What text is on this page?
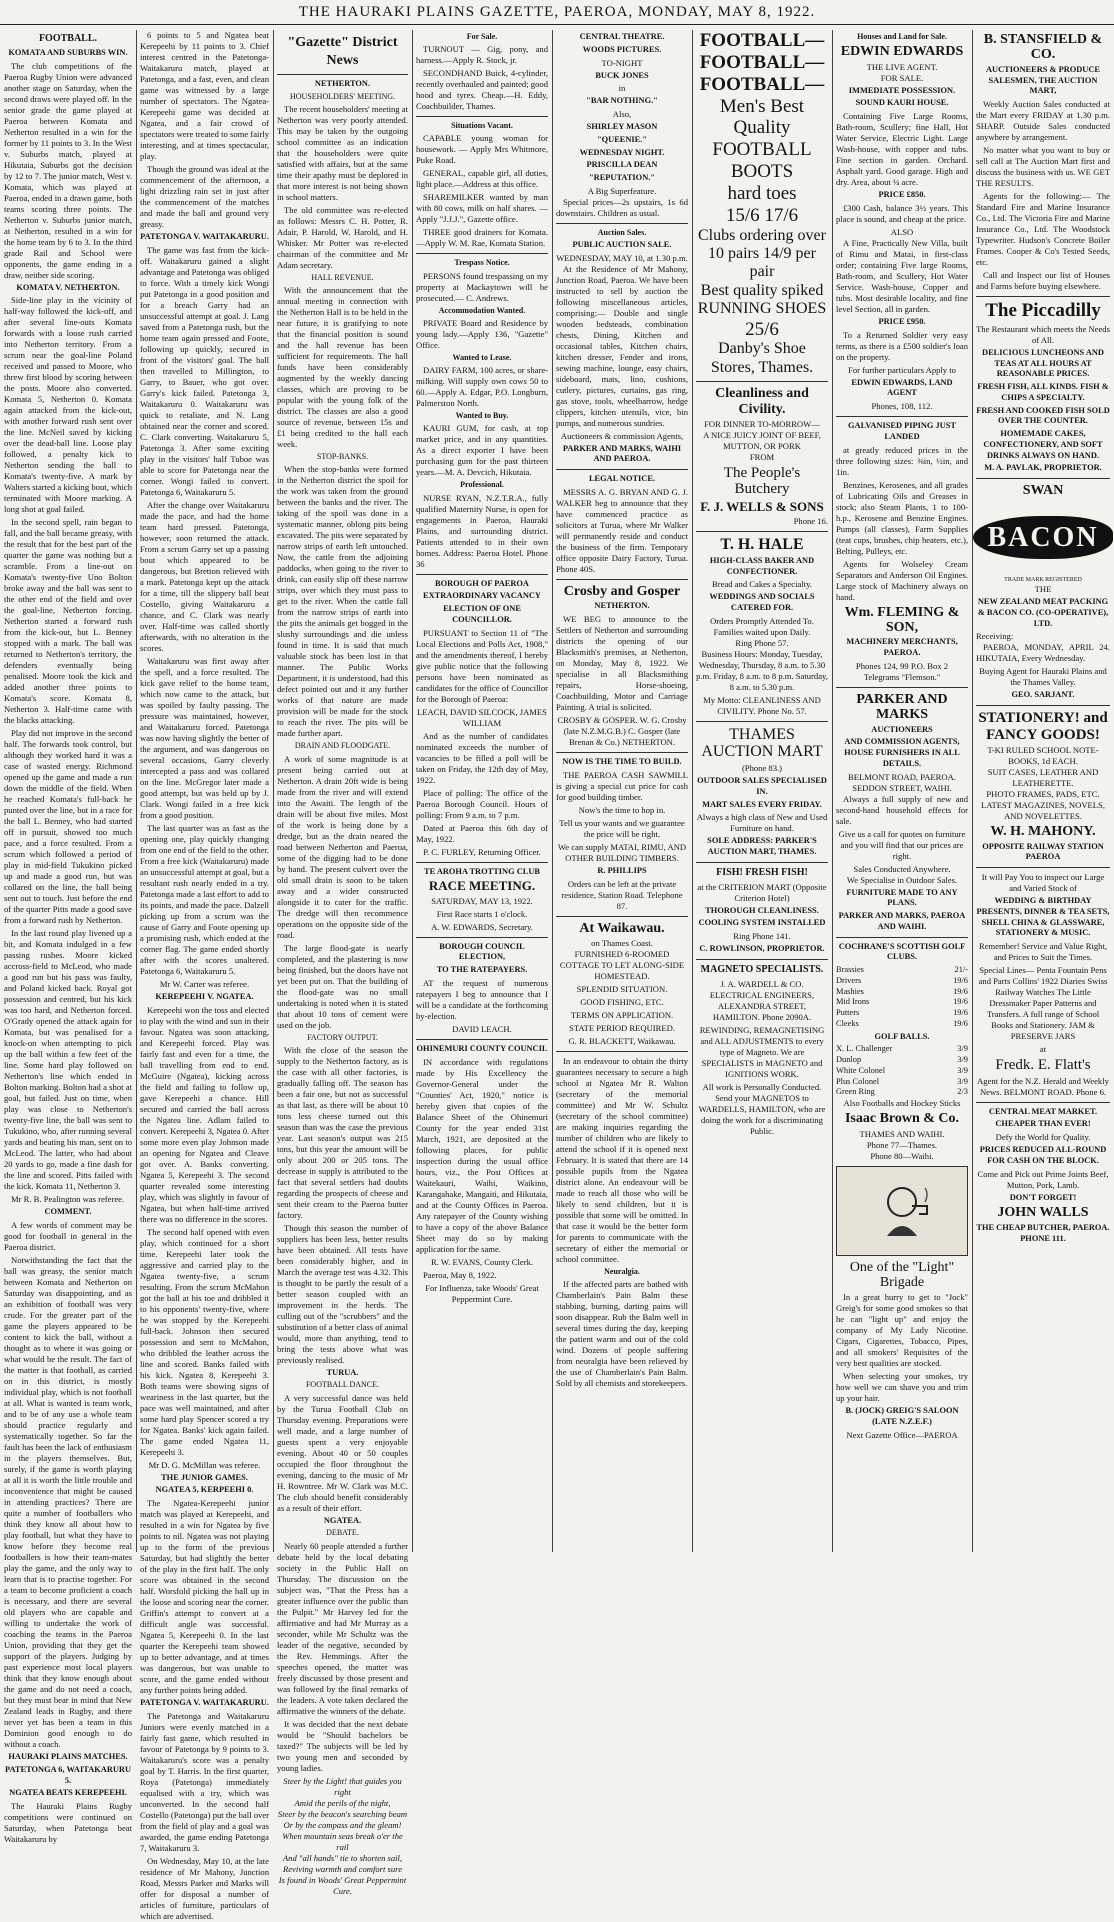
THE HAURAKI PLAINS GAZETTE, PAEROA, MONDAY, MAY 8, 1922.
FOOTBALL.
KOMATA AND SUBURBS WIN.

The club competitions of the Paeroa Rugby Union were advanced another stage on Saturday, when the second draws were played off. In the senior grade the game played at Paeroa between Komata and Netherton resulted in a win for the former by 11 points to 3. In the West v. Suburbs match, played at Hikutaia, Suburbs got the decision by 12 to 7. The junior match, West v. Komata, which was played at Paeroa, ended in a drawn game, both teams scoring three points. The Netherton v. Suburbs junior match, at Netherton, resulted in a win for the home team by 6 to 3. In the third grade Rail and School were opponents, the game ending in a draw, neither side scoring.

KOMATA V. NETHERTON.

Side-line play in the vicinity of half-way followed the kick-off, and after several line-outs Komata forwards with a loose rush carried into Netherton territory. From a scrum near the goal-line Poland received and passed to Moore, who threw first blood by scoring between the posts. Moore also converted. Komata 5, Netherton 0. Komata again attacked from the kick-out, with another forward rush sent over the line. McNeil saved by kicking over the dead-ball line. Loose play followed, a penalty kick to Netherton sending the ball to Komata's twenty-five. A mark by Walters started a kicking bout, which terminated with Moore marking. A long shot at goal failed.

In the second spell, rain began to fall, and the ball became greasy, with the result that for the best part of the quarter the game was nothing but a scramble. From a line-out on Komata's twenty-five Uno Bolton broke away and the ball was sent to the other end of the field and over the goal-line, Netherton forcing. Netherton started a forward rush from the kick-out, but L. Benney stopped with a mark. The ball was returned to Netherton's territory, the defenders eventually being penalised. Moore took the kick and added another three points to Komata's score. Komata 8, Netherton 3. Half-time came with the blacks attacking.

Play did not improve in the second half. The forwards took control, but although they worked hard it was a case of wasted energy. Richmond opened up the game and made a run down the middle of the field. When he reached Komata's full-back he punted over the line, but in a race for the ball L. Benney, who had started off in pursuit, showed too much pace, and a force resulted. From a scrum which followed a period of play in mid-field Tukukino picked up and made a good run, but was collared on the line, the ball being sent out to touch. Just before the end of the quarter Pitts made a good save from a forward rush by Netherton.

In the last round play livened up a bit, and Komata indulged in a few passing rushes. Moore kicked accross-field to McLeod, who made a good run but his pass was faulty, and Poland kicked back. Royal got possession and centred, but his kick was too hard, and Netherton forced. O'Grady opened the attack again for Komata, but was penalised for a knock-on when attempting to pick up the ball within a few feet of the line. Some hard play followed on Netherton's line which ended in Bolton marking. Bolton had a shot at goal, but failed. Just on time, when play was close to Netherton's twenty-five line, the ball was sent to Tukukino, who, after running several yards and beating his man, sent on to McLeod. The latter, who had about 20 yards to go, made a fine dash for the line and scored. Pitts failed with the kick. Komata 11, Netherton 3.

Mr R. B. Pealington was referee.

COMMENT.

A few words of comment may be good for football in general in the Paeroa district.

Notwithstanding the fact that the ball was greasy, the senior match between Komata and Netherton on Saturday was disappointing, and as an exhibition of football was very crude. For the greater part of the game the players appeared to be content to kick the ball, without a thought as to where it was going or what would be the result. The fact of the matter is that football, as carried on in this district, is mostly individual play, which is not football at all. What is wanted is team work, and to be of any use a whole team should practice regularly and systematically together. So far the fault has been the lack of enthusiasm in the players themselves. But, surely, if the game is worth playing at all it is worth the little trouble and inconvenience that might be caused in attending practices? There are quite a number of footballers who think they know all about how to play football, but what they have to know before they become real footballers is how their team-mates play the game, and the only way to learn that is to practise together. For a team to become proficient a coach is necessary, and there are several old players who are capable and willing to undertake the work of coaching the teams in the Paeroa Union, providing that they get the support of the players. Judging by past experience most local players think that they know enough about the game and do not need a coach, but they must bear in mind that New Zealand leads in Rugby, and there never yet has been a team in this Dominion good enough to do without a coach.

HAURAKI PLAINS MATCHES.
PATETONGA 6, WAITAKARURU 5.
NGATEA BEATS KEREPEEHI.

The Hauraki Plains Rugby competitions were continued on Saturday, when Patetonga beat Waitakaruru by

6 points to 5 and Ngatea beat Kerepeehi by 11 points to 3. Chief interest centred in the Patetonga-Waitakaruru match, played at Patetonga, and a fast, even, and clean game was witnessed by a large number of spectators. The Ngatea-Kerepeehi game was decided at Ngatea, and a fair crowd of spectators were treated to some fairly interesting, and at times spectacular, play.

Though the ground was ideal at the commencement of the afternoon, a light drizzling rain set in just after the commencement of the matches and made the ball and ground very greasy.

PATETONGA V. WAITAKARURU.

The game was fast from the kick-off. Waitakaruru gained a slight advantage and Patetonga was obliged to force. With a timely kick Wongi put Patetonga in a good position and for a breach Garry had an unsuccessful attempt at goal. J. Lang saved from a Patetonga rush, but the home team again pressed and Foote, following up quickly, secured in front of the visitors' goal. The ball then travelled to Millington, to Garry, to Bauer, who got over. Garry's kick failed. Patetonga 3, Waitakaruru 0. Waitakaruru was quick to retaliate, and N. Lang obtained near the corner and scored. C. Clark converting. Waitakaruru 5, Patetonga 3. After some exciting play in the visitors' half Tuboe was able to score for Patetonga near the corner. Wongi failed to convert. Patetonga 6, Waitakaruru 5.

After the change over Waitakaruru made the pace, and had the home team hard pressed. Patetonga, however, soon returned the attack. From a scrum Garry set up a passing bout which appeared to be dangerous, but Bretton relieved with a mark. Patetonga kept up the attack for a time, till the slippery ball beat Costello, giving Waitakaruru a chance, and C. Clark was nearly over. Half-time was called shortly afterwards, with no alteration in the scores.

Waitakaruru was first away after the spell, and a force resulted. The kick gave relief to the home team, which now came to the attack, but was spoiled by faulty passing. The pressure was maintained, however, and Waitakaruru forced. Patetonga was now having slightly the better of the argument, and was dangerous on several occasions, Garry cleverly intercepted a pass and was collared on the line. McGregor later made a good attempt, but was held up by J. Clark. Wongi failed in a free kick from a good position.

The last quarter was as fast as the opening one, play quickly changing from one end of the field to the other. From a free kick (Waitakaruru) made an unsuccessful attempt at goal, but a resultant rush nearly ended in a try. Patetonga made a last effort to add to its points, and made the pace. Dalzell picking up from a scrum was the cause of Garry and Foote opening up a promising rush, which ended at the corner flag. The game ended shortly after with the scores unaltered. Patetonga 6, Waitakaruru 5.

Mr W. Carter was referee.

KEREPEEHI V. NGATEA.

Kerepeehi won the toss and elected to play with the wind and sun in their favour. Ngatea was soon attacking, and Kerepeehi forced. Play was fairly fast and even for a time, the ball travelling from end to end. McGuire (Ngatea), kicking across the field and failing to follow up, gave Kerepeehi a chance. Hill secured and carried the ball across the Ngatea line. Adlam failed to convert. Kerepeehi 3, Ngatea 0. After some more even play Johnson made an opening for Ngatea and Cleave got over. A. Banks converting. Ngatea 5, Kerepeehi 3. The second quarter revealed some interesting play, which was slightly in favour of Ngatea, but when half-time arrived there was no difference in the scores.

The second half opened with even play, which continued for a short time. Kerepeehi later took the aggressive and carried play to the Ngatea twenty-five, a scrum resulting. From the scrum McMahon got the ball at his toe and dribbled it to his opponents' twenty-five, where he was stopped by the Kerepeehi full-back. Johnson then secured possession and sent to McMahon, who dribbled the leather across the line and scored. Banks failed with his kick. Ngatea 8, Kerepeehi 3. Both teams were showing signs of weariness in the last quarter, but the pace was well maintained, and after some hard play Spencer scored a try for Ngatea. Banks' kick again failed. The game ended Ngatea 11, Kerepeehi 3.

Mr D. G. McMillan was referee.

THE JUNIOR GAMES.
NGATEA 5, KERPEEHI 0.

The Ngatea-Kerepeehi junior match was played at Kerepeehi, and resulted in a win for Ngatea by five points to nil. Ngatea was not playing up to the form of the previous Saturday, but had slightly the better of the play in the first half. The only score was obtained in the second half. Worsfold picking the ball up in the loose and scoring near the corner. Griffin's attempt to convert at a difficult angle was successful. Ngatea 5, Kerepeehi 0. In the last quarter the Kerepeehi team showed up to better advantage, and at times was dangerous, but was unable to score, and the game ended without any further points being added.

PATETONGA V. WAITAKARURU.

The Patetonga and Waitakaruru Juniors were evenly matched in a fairly fast game, which resulted in favour of Patetonga by 9 points to 3. Waitakaruru's score was a penalty goal by T. Harris. In the first quarter, Roya (Patetonga) immediately equalised with a try, which was unconverted. In the second half Costello (Patetonga) put the ball over from the field of play and a goal was awarded, the game ending Patetonga 7, Waitakaruru 3.

On Wednesday, May 10, at the late residence of Mr Mahony, Junction Road, Messrs Parker and Marks will offer for disposal a number of articles of furniture, particulars of which are advertised.

"Gazette" District News
NETHERTON.
HOUSEHOLDERS' MEETING.

The recent householders' meeting at Netherton was very poorly attended. This may be taken by the outgoing school committee as an indication that the householders were quite satisfied with affairs, but at the same time their apathy must be deplored in that more interest is not being shown in school matters.

The old committee was re-elected as follows: Messrs C. H. Potter, R. Adair, P. Harold, W. Harold, and H. Whisker. Mr Potter was re-elected chairman of the committee and Mr Adam secretary.

HALL REVENUE.

With the announcement that the annual meeting in connection with the Netherton Hall is to be held in the near future, it is gratifying to note that the financial position is sound and the hall revenue has been sufficient for requirements. The hall funds have been considerably augmented by the weekly dancing classes, which are proving to be popular with the young folk of the district. The classes are also a good source of revenue, between 15s and £1 being credited to the hall each week.

STOP-BANKS.

When the stop-banks were formed in the Netherton district the spoil for the work was taken from the ground between the banks and the river. The taking of the spoil was done in a systematic manner, oblong pits being excavated. The pits were separated by narrow strips of earth left untouched. Now, the cattle from the adjoining paddocks, when going to the river to drink, can easily slip off these narrow strips, over which they must pass to get to the river. When the cattle fall from the narrow strips of earth into the pits the animals get bogged in the slushy surroundings and die unless found in time. It is said that much valuable stock has been lost in that manner. The Public Works Department, it is understood, had this defect pointed out and it any further works of that nature are made provision will be made for the stock to reach the river. The pits will be made further apart.

DRAIN AND FLOODGATE.

A work of some magnitude is at present being carried out at Netherton. A drain 20ft wide is being made from the river and will extend into the Awaiti. The length of the drain will be about five miles. Most of the work is being done by a dredge, but as the drain neared the road between Netherton and Paeroa, some of the digging had to be done by hand. The present culvert over the old small drain is soon to be taken away and a wider constructed alongside it to cater for the traffic. The dredge will then recommence operations on the opposite side of the road.

The large flood-gate is nearly completed, and the plastering is now being finished, but the doors have not yet been put on. That the building of the flood-gate was no small undertaking is noted when it is stated that about 10 tons of cement were used on the job.

FACTORY OUTPUT.

With the close of the season the supply to the Netherton factory, as is the case with all other factories, is gradually falling off. The season has been a fair one, but not as successful as that last, as there will be about 10 tons less cheese turned out this season than was the case the previous year. Last season's output was 215 tons, but this year the amount will be only about 200 or 205 tons. The decrease in supply is attributed to the fact that several settlers had doubts regarding the prospects of cheese and sent their cream to the Paeroa butter factory.

Though this season the number of suppliers has been less, better results have been obtained. All tests have been considerably higher, and in March the average test was 4.32. This is thought to be partly the result of a better season coupled with an improvement in the herds. The culling out of the "scrubbers" and the substitution of a better class of animal would, more than anything, tend to bring the tests above what was previously realised.

TURUA.
FOOTBALL DANCE.

A very successful dance was held by the Turua Football Club on Thursday evening. Preparations were well made, and a large number of guests spent a very enjoyable evening. About 40 or 50 couples occupied the floor throughout the evening, dancing to the music of Mr H. Rowntree. Mr W. Clark was M.C. The club should benefit considerably as a result of their effort.

NGATEA.
DEBATE.

Nearly 60 people attended a further debate held by the local debating society in the Public Hall on Thursday. The discussion on the subject was, "That the Press has a greater influence over the public than the Pulpit." Mr Harvey led for the affirmative and had Mr Murray as a seconder, while Mr Schultz was the leader of the negative, seconded by the Rev. Hemmings. After the speeches opened, the matter was freely discussed by those present and was followed by the final remarks of the leaders. A vote taken declared the affirmative the winners of the debate.

It was decided that the next debate would be "Should bachelors be taxed?" The subjects will be led by two young men and seconded by young ladies.

Steer by the Light! that guides you right
Amid the perils of the night,
Steer by the beacon's searching beam
Or by the compass and the gleam!
When mountain seas break o'er the rail
And "all hands" tie to shorten sail,
Reviving warmth and comfort sure
Is found in Woods' Great Peppermint Cure.
For Sale.

TURNOUT — Gig, pony, and harness.—Apply R. Stock, jr.

SECONDHAND Buick, 4-cylinder, recently overhauled and painted; good hood and tyres. Cheap.—H. Eddy, Coachbuilder, Thames.

Situations Vacant.

CAPABLE young woman for housework. — Apply Mrs Whitmore, Puke Road.

GENERAL, capable girl, all duties, light place.—Address at this office.

SHAREMILKER wanted by man with 80 cows, milk on half shares. — Apply "J.J.J.", Gazette office.

THREE good drainers for Komata.—Apply W. M. Rae, Komata Station.

Trespass Notice.

PERSONS found trespassing on my property at Mackaytown will be prosecuted.— C. Andrews.

Accommodation Wanted.

PRIVATE Board and Residence by young lady.—Apply 136, "Gazette" Office.

Wanted to Lease.

DAIRY FARM, 100 acres, or share-milking. Will supply own cows 50 to 60.—Apply A. Edgar, P.O. Longburn, Palmerston North.

Wanted to Buy.

KAURI GUM, for cash, at top market price, and in any quantities. As a direct exporter I have been purchasing gum for the past thirteen years.—M. A. Devcich, Hikutaia.

Professional.

NURSE RYAN, N.Z.T.R.A., fully qualified Maternity Nurse, is open for engagements in Paeroa, Hauraki Plains, and surrounding district. Patients attended to in their own homes. Address: Paeroa Hotel. Phone 36

BOROUGH OF PAEROA
EXTRAORDINARY VACANCY
ELECTION OF ONE COUNCILLOR.

PURSUANT to Section 11 of "The Local Elections and Polls Act, 1908," and the amendments thereof, I hereby give public notice that the following persons have been nominated as candidates for the office of Councillor for the Borough of Paeroa:

LEACH, DAVID SILCOCK, JAMES WILLIAM

And as the number of candidates nominated exceeds the number of vacancies to be filled a poll will be taken on Friday, the 12th day of May, 1922.

Place of polling: The office of the Paeroa Borough Council. Hours of polling: From 9 a.m. to 7 p.m.

Dated at Paeroa this 6th day of May, 1922.

P. C. FURLEY, Returning Officer.

TE AROHA TROTTING CLUB
RACE MEETING.

SATURDAY, MAY 13, 1922.

First Race starts 1 o'clock.

A. W. EDWARDS, Secretary.

BOROUGH COUNCIL ELECTION,
TO THE RATEPAYERS.

AT the request of numerous ratepayers I beg to announce that I will be a candidate at the forthcoming by-election.

DAVID LEACH.

OHINEMURI COUNTY COUNCIL

IN accordance with regulations made by His Excellency the Governor-General under the "Counties' Act, 1920," notice is hereby given that copies of the Balance Sheet of the Ohinemuri County for the year ended 31st March, 1921, are deposited at the following places, for public inspection during the usual office hours, viz., the Post Offices at Waitekauri, Waihi, Waikino, Karangahake, Mangaiti, and Hikutaia, and at the County Offices in Paeroa. Any ratepayer of the County wishing to have a copy of the above Balance Sheet may do so by making application for the same.

R. W. EVANS, County Clerk.

Paeroa, May 8, 1922.

For Influenza, take Woods' Great Peppermint Cure.

CENTRAL THEATRE.
WOODS PICTURES.
TO-NIGHT
BUCK JONES
in
"BAR NOTHING."
Also,
SHIRLEY MASON
"QUEENIE."
WEDNESDAY NIGHT.
PRISCILLA DEAN
"REPUTATION."
A Big Superfeature.

Special prices—2s upstairs, 1s 6d downstairs. Children as usual.

Auction Sales.
PUBLIC AUCTION SALE.
WEDNESDAY, MAY 10, at 1.30 p.m.

At the Residence of Mr Mahony, Junction Road, Paeroa. We have been instructed to sell by auction the following miscellaneous articles, comprising:— Double and single wooden bedsteads, combination chests, Dining, Kitchen and occasional tables, Kitchen chairs, kitchen dresser, Fender and irons, sewing machine, lounge, easy chairs, sideboard, mats, lino, cushions, cutlery, pictures, curtains, gas ring, gas stove, tools, wheelbarrow, hedge clippers, kitchen utensils, vice, bin pumps, and numerous sundries.

Auctioneers & commission Agents,
PARKER AND MARKS, WAIHI AND PAEROA.
LEGAL NOTICE.

MESSRS A. G. BRYAN AND G. J. WALKER beg to announce that they have commenced practice as solicitors at Turua, where Mr Walker will permanently reside and conduct the business of the firm. Temporary office opposite Dairy Factory, Turua. Phone 40S.

Crosby and Gosper
NETHERTON.

WE BEG to announce to the Settlers of Netherton and surrounding districts the opening of our Blacksmith's premises, at Netherton, on Monday, May 8, 1922. We specialise in all Blacksmithing repairs, Horse-shoeing, Coachbuilding, Motor and Carriage Painting. A trial is solicited.

CROSBY & GOSPER. W. G. Crosby (late N.Z.M.G.B.) C. Gosper (late Brenan & Co.) NETHERTON.

NOW IS THE TIME TO BUILD.

THE PAEROA CASH SAWMILL is giving a special cut price for cash for good building timber.

Now's the time to hop in.

Tell us your wants and we guarantee the price will be right.

We can supply MATAI, RIMU, AND OTHER BUILDING TIMBERS.

R. PHILLIPS

Orders can be left at the private residence, Station Road. Telephone 87.

At Waikawau.
on Thames Coast.

FURNISHED 6-ROOMED COTTAGE TO LET ALONG-SIDE HOMESTEAD.

SPLENDID SITUATION.

GOOD FISHING, ETC.

TERMS ON APPLICATION.

STATE PERIOD REQUIRED.

G. R. BLACKETT, Waikawau.

In an endeavour to obtain the thirty guarantees necessary to secure a high school at Ngatea Mr R. Walton (secretary of the memorial committee) and Mr W. Schultz (secretary of the school committee) are making inquiries regarding the number of children who are likely to attend the school if it is opened next February. It is stated that there are 14 possible pupils from the Ngatea district alone. An endeavour will be made to reach all those who will be likely to send children, but it is possible that some will be omitted. In that case it would be the better form for parents to communicate with the secretary of either the memorial or school committee.

Neuralgia.

If the affected parts are bathed with Chamberlain's Pain Balm these stabbing, burning, darting pains will soon disappear. Rub the Balm well in several times during the day, keeping the patient warm and out of the cold wind. Dozens of people suffering from neuralgia have been relieved by the use of Chamberlain's Pain Balm. Sold by all chemists and storekeepers.

FOOTBALL—
FOOTBALL—
FOOTBALL—
Men's Best Quality FOOTBALL BOOTS
hard toes
15/6 17/6
Clubs ordering over 10 pairs 14/9 per pair
Best quality spiked RUNNING SHOES
25/6
Danby's Shoe Stores, Thames.
Cleanliness and Civility.
FOR DINNER TO-MORROW—
A NICE JUICY JOINT OF BEEF, MUTTON, OR PORK
FROM
The People's Butchery
F. J. WELLS & SONS
Phone 16.
T. H. HALE
HIGH-CLASS BAKER AND CONFECTIONER.
Bread and Cakes a Specialty.
WEDDINGS AND SOCIALS CATERED FOR.
Orders Promptly Attended To.
Families waited upon Daily.
Ring Phone 57.

Business Hours: Monday, Tuesday, Wednesday, Thursday, 8 a.m. to 5.30 p.m. Friday, 8 a.m. to 8 p.m. Saturday, 8 a.m. to 5.30 p.m.

My Motto: CLEANLINESS AND CIVILITY. Phone No. 57.

THAMES AUCTION MART
(Phone 83.)
OUTDOOR SALES SPECIALISED IN.
MART SALES EVERY FRIDAY.
Always a high class of New and Used Furniture on hand.
SOLE ADDRESS: PARKER'S AUCTION MART, THAMES.
FISH! FRESH FISH!
at the CRITERION MART (Opposite Criterion Hotel)
THOROUGH CLEANLINESS.
COOLING SYSTEM INSTALLED
Ring Phone 141.
C. ROWLINSON, PROPRIETOR.
MAGNETO SPECIALISTS.

J. A. WARDELL & CO. ELECTRICAL ENGINEERS, ALEXANDRA STREET, HAMILTON. Phone 2090A.

REWINDING, REMAGNETISING and ALL ADJUSTMENTS to every type of Magneto. We are SPECIALISTS in MAGNETO and IGNITIONS WORK.

All work is Personally Conducted. Send your MAGNETOS to WARDELLS, HAMILTON, who are doing the work for a discriminating Public.

Houses and Land for Sale.
EDWIN EDWARDS
THE LIVE AGENT.
FOR SALE.
IMMEDIATE POSSESSION.
SOUND KAURI HOUSE.

Containing Five Large Rooms, Bath-room, Scullery; fine Hall, Hot Water Service, Electric Light. Large Wash-house, with copper and tubs. Fine section in garden. Orchard. Asphalt yard. Good garage. High and dry. Area, about ¼ acre.

PRICE £850.

£300 Cash, balance 3½ years. This place is sound, and cheap at the price.

ALSO

A Fine, Practically New Villa, built of Rimu and Matai, in first-class order; containing Five large Rooms, Bath-room, and Scullery, Hot Water Service. Wash-house, Copper and tubs. Most desirable locality, and fine level Section, all in garden.

PRICE £950.

To a Returned Soldier very easy terms, as there is a £500 soldier's loan on the property.

For further particulars Apply to
EDWIN EDWARDS, LAND AGENT
Phones, 108, 112.
GALVANISED PIPING JUST LANDED

at greatly reduced prices in the three following sizes: ⅜in, ½in, and 1in.

Benzines, Kerosenes, and all grades of Lubricating Oils and Greases in stock; also Steam Plants, 1 to 100-h.p., Kerosene and Benzine Engines. Pumps (all classes), Farm Supplies (teat cups, brushes, chip heaters, etc.), Belting, Pulleys, etc.

Agents for Wolseley Cream Separators and Anderson Oil Engines. Large stock of Machinery always on hand.

Wm. FLEMING & SON,
MACHINERY MERCHANTS, PAEROA.
Phones 124, 99 P.O. Box 2
Telegrams "Flemson."
PARKER AND MARKS
AUCTIONEERS
AND COMMISSION AGENTS, HOUSE FURNISHERS IN ALL DETAILS.
BELMONT ROAD, PAEROA. SEDDON STREET, WAIHI.

Always a full supply of new and second-hand household effects for sale.

Give us a call for quotes on furniture and you will find that our prices are right.

Sales Conducted Anywhere.
We Specialise in Outdoor Sales.
FURNITURE MADE TO ANY PLANS.
PARKER AND MARKS, PAEROA AND WAIHI.
COCHRANE'S SCOTTISH GOLF CLUBS.
Brassies	21/-
Drivers	19/6
Mashies	19/6
Mid Irons	19/6
Putters	19/6
Cleeks	19/6
GOLF BALLS.
X. L. Challenger	3/9
Dunlop	3/9
White Colonel	3/9
Plus Colonel	3/9
Green Ring	2/3
Also Footballs and Hockey Sticks
Isaac Brown & Co.
THAMES AND WAIHI.
Phone 77—Thames.
Phone 80—Waihi.
One of the "Light" Brigade

In a great hurry to get to "Jock" Greig's for some good smokes so that he can "light up" and enjoy the company of My Lady Nicotine. Cigars, Cigarettes, Tobacco, Pipes, and all smokers' Requisites of the very best qualities are stocked.

When selecting your smokes, try how well we can shave you and trim up your hair.

B. (JOCK) GREIG'S SALOON (LATE N.Z.E.F.)
Next Gazette Office—PAEROA
B. STANSFIELD & CO.
AUCTIONEERS & PRODUCE SALESMEN, THE AUCTION MART,

Weekly Auction Sales conducted at the Mart every FRIDAY at 1.30 p.m. SHARP. Outside Sales conducted anywhere by arrangement.

No matter what you want to buy or sell call at The Auction Mart first and discuss the business with us. WE GET THE RESULTS.

Agents for the following:— The Standard Fire and Marine Insurance Co., Ltd. The Victoria Fire and Marine Insurance Co., Ltd. The Woodstock Typewriter. Hudson's Concrete Boiler Frames. Cooper & Co's Tested Seeds, etc.

Call and Inspect our list of Houses and Farms before buying elsewhere.

The Piccadilly
The Restaurant which meets the Needs of All.
DELICIOUS LUNCHEONS AND TEAS AT ALL HOURS AT REASONABLE PRICES.
FRESH FISH, ALL KINDS. FISH & CHIPS A SPECIALTY.
FRESH AND COOKED FISH SOLD OVER THE COUNTER.
HOMEMADE CAKES, CONFECTIONERY, AND SOFT DRINKS ALWAYS ON HAND.
M. A. PAVLAK, PROPRIETOR.
SWAN
BACON
TRADE MARK REGISTERED
THE
NEW ZEALAND MEAT PACKING & BACON CO. (CO-OPERATIVE), LTD.
Receiving:

PAEROA, MONDAY, APRIL 24. HIKUTAIA, Every Wednesday.

Buying Agent for Hauraki Plains and the Thames Valley.

GEO. SARJANT.
STATIONERY! and FANCY GOODS!
T-KI RULED SCHOOL NOTE-BOOKS, 1d EACH.
SUIT CASES, LEATHER AND LEATHERETTE.
PHOTO FRAMES, PADS, ETC.
LATEST MAGAZINES, NOVELS, AND NOVELETTES.
W. H. MAHONY.
OPPOSITE RAILWAY STATION PAEROA

It will Pay You to inspect our Large and Varied Stock of

WEDDING & BIRTHDAY PRESENTS, DINNER & TEA SETS, SHELL CHINA & GLASSWARE, STATIONERY & MUSIC.

Remember! Service and Value Right, and Prices to Suit the Times.

Special Lines— Penta Fountain Pens and Parts Collins' 1922 Diaries Swiss Railway Watches The Little Dressmaker Paper Patterns and Transfers. A full range of School Books and Stationery. JAM & PRESERVE JARS

at
Fredk. E. Flatt's

Agent for the N.Z. Herald and Weekly News. BELMONT ROAD. Phone 6.

CENTRAL MEAT MARKET.
CHEAPER THAN EVER!
Defy the World for Quality.
PRICES REDUCED ALL-ROUND FOR CASH ON THE BLOCK.
Come and Pick out Prime Joints Beef, Mutton, Pork, Lamb.
DON'T FORGET!
JOHN WALLS
THE CHEAP BUTCHER, PAEROA. PHONE 111.
